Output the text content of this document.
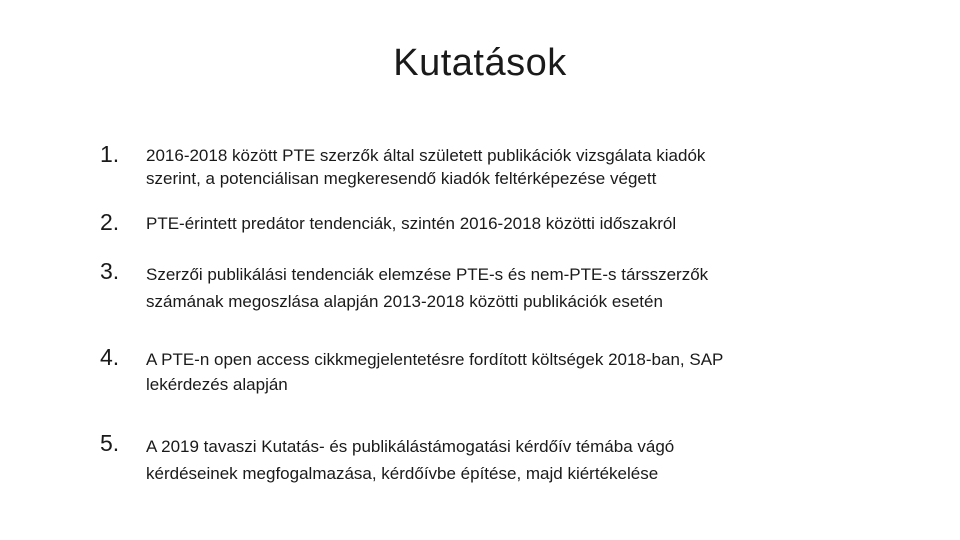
Kutatások
1. 2016-2018 között PTE szerzők által született publikációk vizsgálata kiadók
szerint, a potenciálisan megkeresendő kiadók feltérképezése végett
2. PTE-érintett predátor tendenciák, szintén 2016-2018 közötti időszakról
3. Szerzői publikálási tendenciák elemzése PTE-s és nem-PTE-s társszerzők
számának megoszlása alapján 2013-2018 közötti publikációk esetén
4. A PTE-n open access cikkmegjelentetésre fordított költségek 2018-ban, SAP
lekérdezés alapján
5. A 2019 tavaszi Kutatás- és publikálástámogatási kérdőív témába vágó
kérdéseinek megfogalmazása, kérdőívbe építése, majd kiértékelése
